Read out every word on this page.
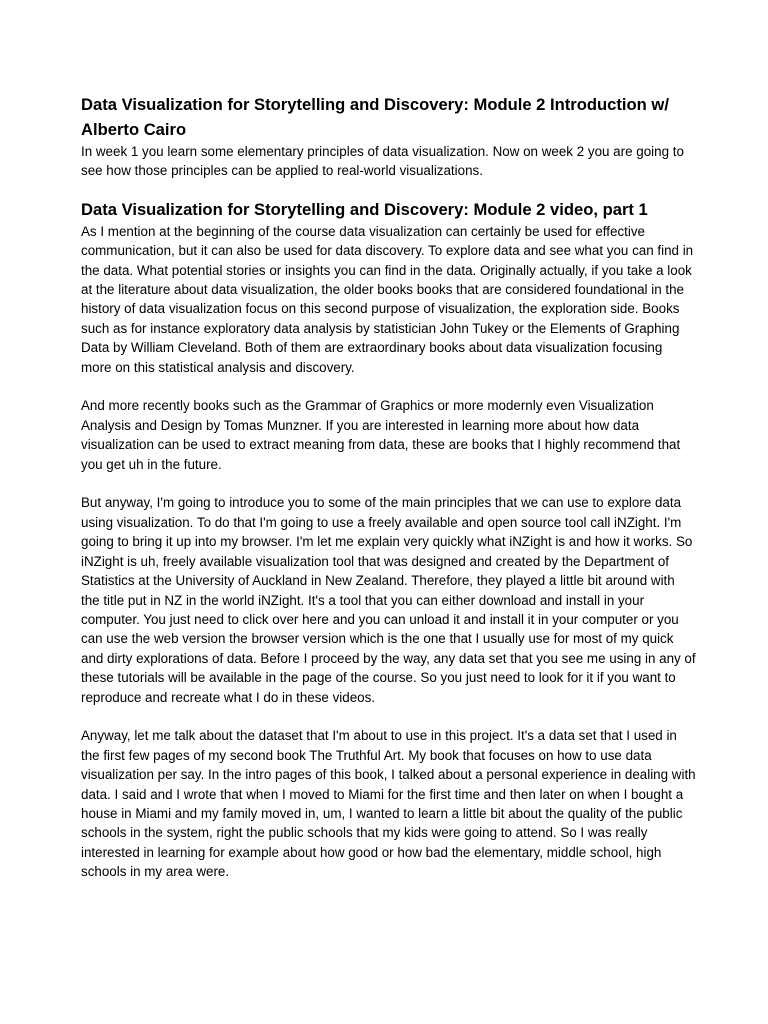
Data Visualization for Storytelling and Discovery: Module 2 Introduction w/ Alberto Cairo

In week 1 you learn some elementary principles of data visualization. Now on week 2 you are going to see how those principles can be applied to real-world visualizations.

Data Visualization for Storytelling and Discovery: Module 2 video, part 1

As I mention at the beginning of the course data visualization can certainly be used for effective communication, but it can also be used for data discovery. To explore data and see what you can find in the data. What potential stories or insights you can find in the data. Originally actually, if you take a look at the literature about data visualization, the older books books that are considered foundational in the history of data visualization focus on this second purpose of visualization, the exploration side. Books such as for instance exploratory data analysis by statistician John Tukey or the Elements of Graphing Data by William Cleveland. Both of them are extraordinary books about data visualization focusing more on this statistical analysis and discovery.

And more recently books such as the Grammar of Graphics or more modernly even Visualization Analysis and Design by Tomas Munzner. If you are interested in learning more about how data visualization can be used to extract meaning from data, these are books that I highly recommend that you get uh in the future.

But anyway, I'm going to introduce you to some of the main principles that we can use to explore data using visualization. To do that I'm going to use a freely available and open source tool call iNZight. I'm going to bring it up into my browser. I'm let me explain very quickly what iNZight is and how it works. So iNZight is uh, freely available visualization tool that was designed and created by the Department of Statistics at the University of Auckland in New Zealand. Therefore, they played a little bit around with the title put in NZ in the world iNZight. It's a tool that you can either download and install in your computer. You just need to click over here and you can unload it and install it in your computer or you can use the web version the browser version which is the one that I usually use for most of my quick and dirty explorations of data. Before I proceed by the way, any data set that you see me using in any of these tutorials will be available in the page of the course. So you just need to look for it if you want to reproduce and recreate what I do in these videos.

Anyway, let me talk about the dataset that I'm about to use in this project. It's a data set that I used in the first few pages of my second book The Truthful Art. My book that focuses on how to use data visualization per say. In the intro pages of this book, I talked about a personal experience in dealing with data. I said and I wrote that when I moved to Miami for the first time and then later on when I bought a house in Miami and my family moved in, um, I wanted to learn a little bit about the quality of the public schools in the system, right the public schools that my kids were going to attend. So I was really interested in learning for example about how good or how bad the elementary, middle school, high schools in my area were.
